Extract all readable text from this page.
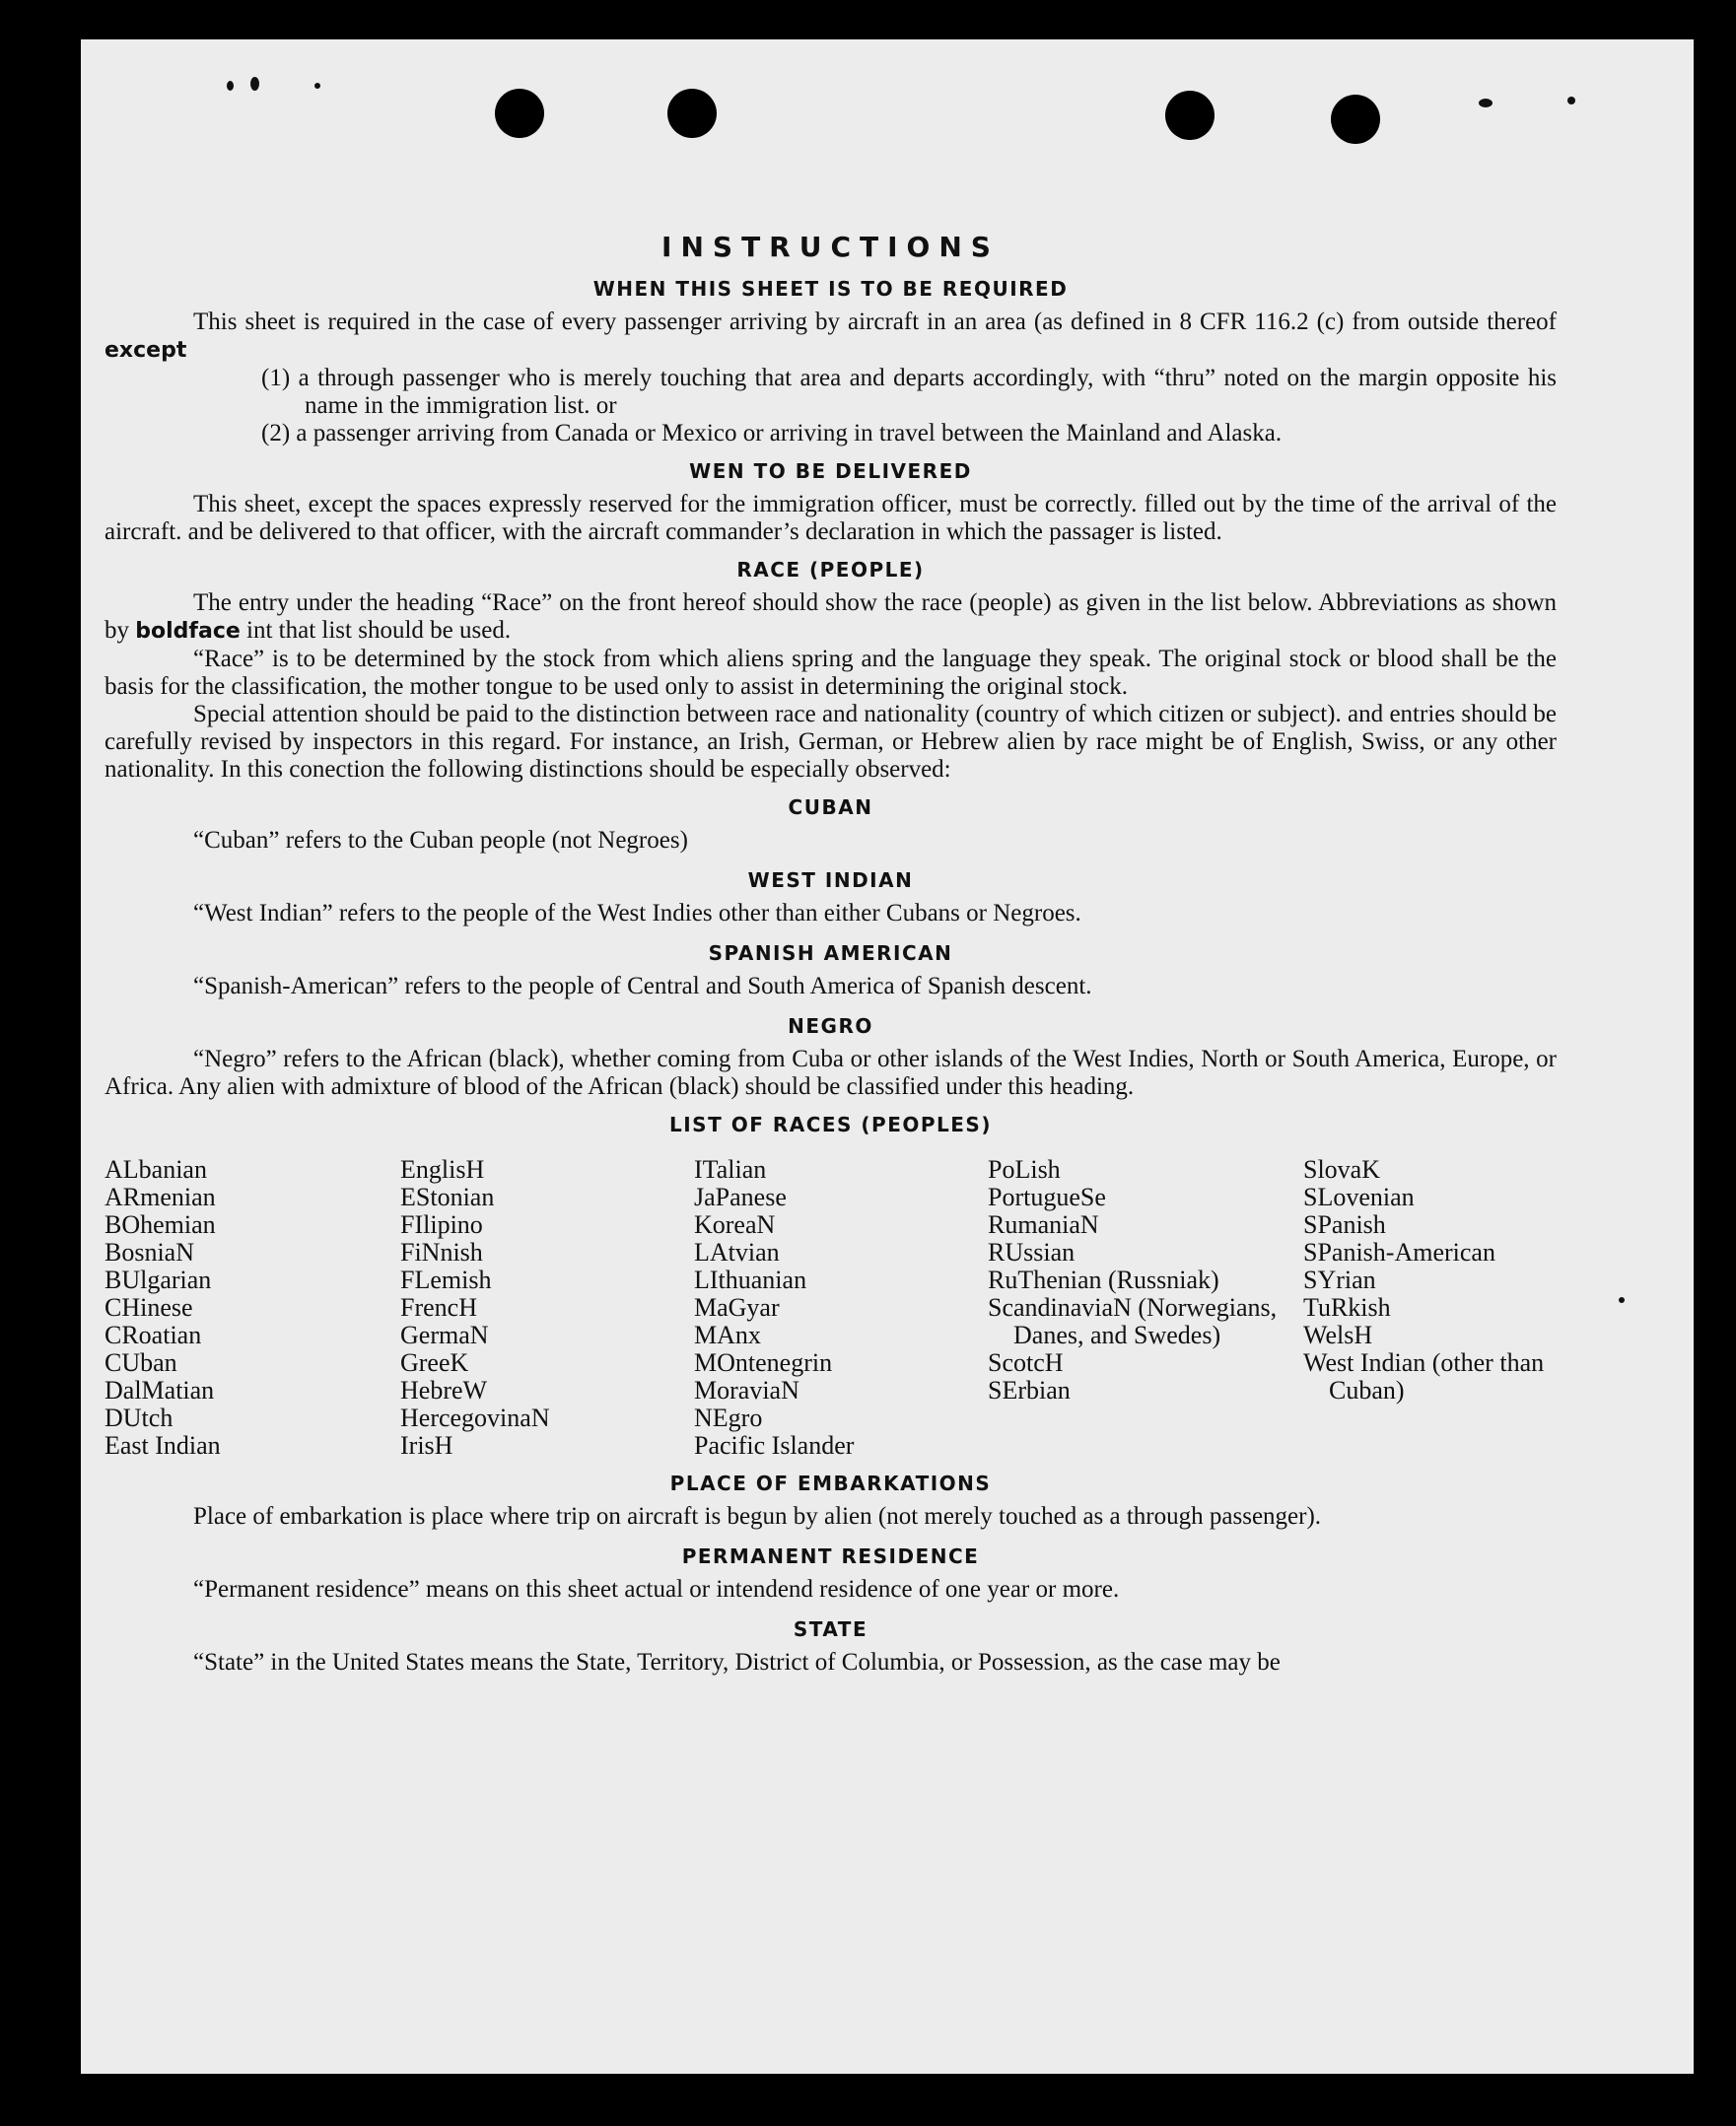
INSTRUCTIONS
WHEN THIS SHEET IS TO BE REQUIRED

This sheet is required in the case of every passenger arriving by aircraft in an area (as defined in 8 CFR 116.2 (c) from outside thereof except

(1) a through passenger who is merely touching that area and departs accordingly, with “thru” noted on the margin opposite his name in the immigration list. or
(2) a passenger arriving from Canada or Mexico or arriving in travel between the Mainland and Alaska.
WEN TO BE DELIVERED

This sheet, except the spaces expressly reserved for the immigration officer, must be correctly. filled out by the time of the arrival of the aircraft. and be delivered to that officer, with the aircraft commander’s declaration in which the passager is listed.

RACE (PEOPLE)

The entry under the heading “Race” on the front hereof should show the race (people) as given in the list below. Abbreviations as shown by boldface int that list should be used.

“Race” is to be determined by the stock from which aliens spring and the language they speak. The original stock or blood shall be the basis for the classification, the mother tongue to be used only to assist in determining the original stock.

Special attention should be paid to the distinction between race and nationality (country of which citizen or subject). and entries should be carefully revised by inspectors in this regard. For instance, an Irish, German, or Hebrew alien by race might be of English, Swiss, or any other nationality. In this conection the following distinctions should be especially observed:

CUBAN

“Cuban” refers to the Cuban people (not Negroes)

WEST INDIAN

“West Indian” refers to the people of the West Indies other than either Cubans or Negroes.

SPANISH AMERICAN

“Spanish-American” refers to the people of Central and South America of Spanish descent.

NEGRO

“Negro” refers to the African (black), whether coming from Cuba or other islands of the West Indies, North or South America, Europe, or Africa. Any alien with admixture of blood of the African (black) should be classified under this heading.

LIST OF RACES (PEOPLES)
ALbanian
ARmenian
BOhemian
BosniaN
BUlgarian
CHinese
CRoatian
CUban
DalMatian
DUtch
East Indian
EnglisH
EStonian
FIlipino
FiNnish
FLemish
FrencH
GermaN
GreeK
HebreW
HercegovinaN
IrisH
ITalian
JaPanese
KoreaN
LAtvian
LIthuanian
MaGyar
MAnx
MOntenegrin
MoraviaN
NEgro
Pacific Islander
PoLish
PortugueSe
RumaniaN
RUssian
RuThenian (Russniak)
ScandinaviaN (Norwegians, Danes, and Swedes)
ScotcH
SErbian
SlovaK
SLovenian
SPanish
SPanish-American
SYrian
TuRkish
WelsH
West Indian (other than Cuban)
PLACE OF EMBARKATIONS

Place of embarkation is place where trip on aircraft is begun by alien (not merely touched as a through passenger).

PERMANENT RESIDENCE

“Permanent residence” means on this sheet actual or intendend residence of one year or more.

STATE

“State” in the United States means the State, Territory, District of Columbia, or Possession, as the case may be
